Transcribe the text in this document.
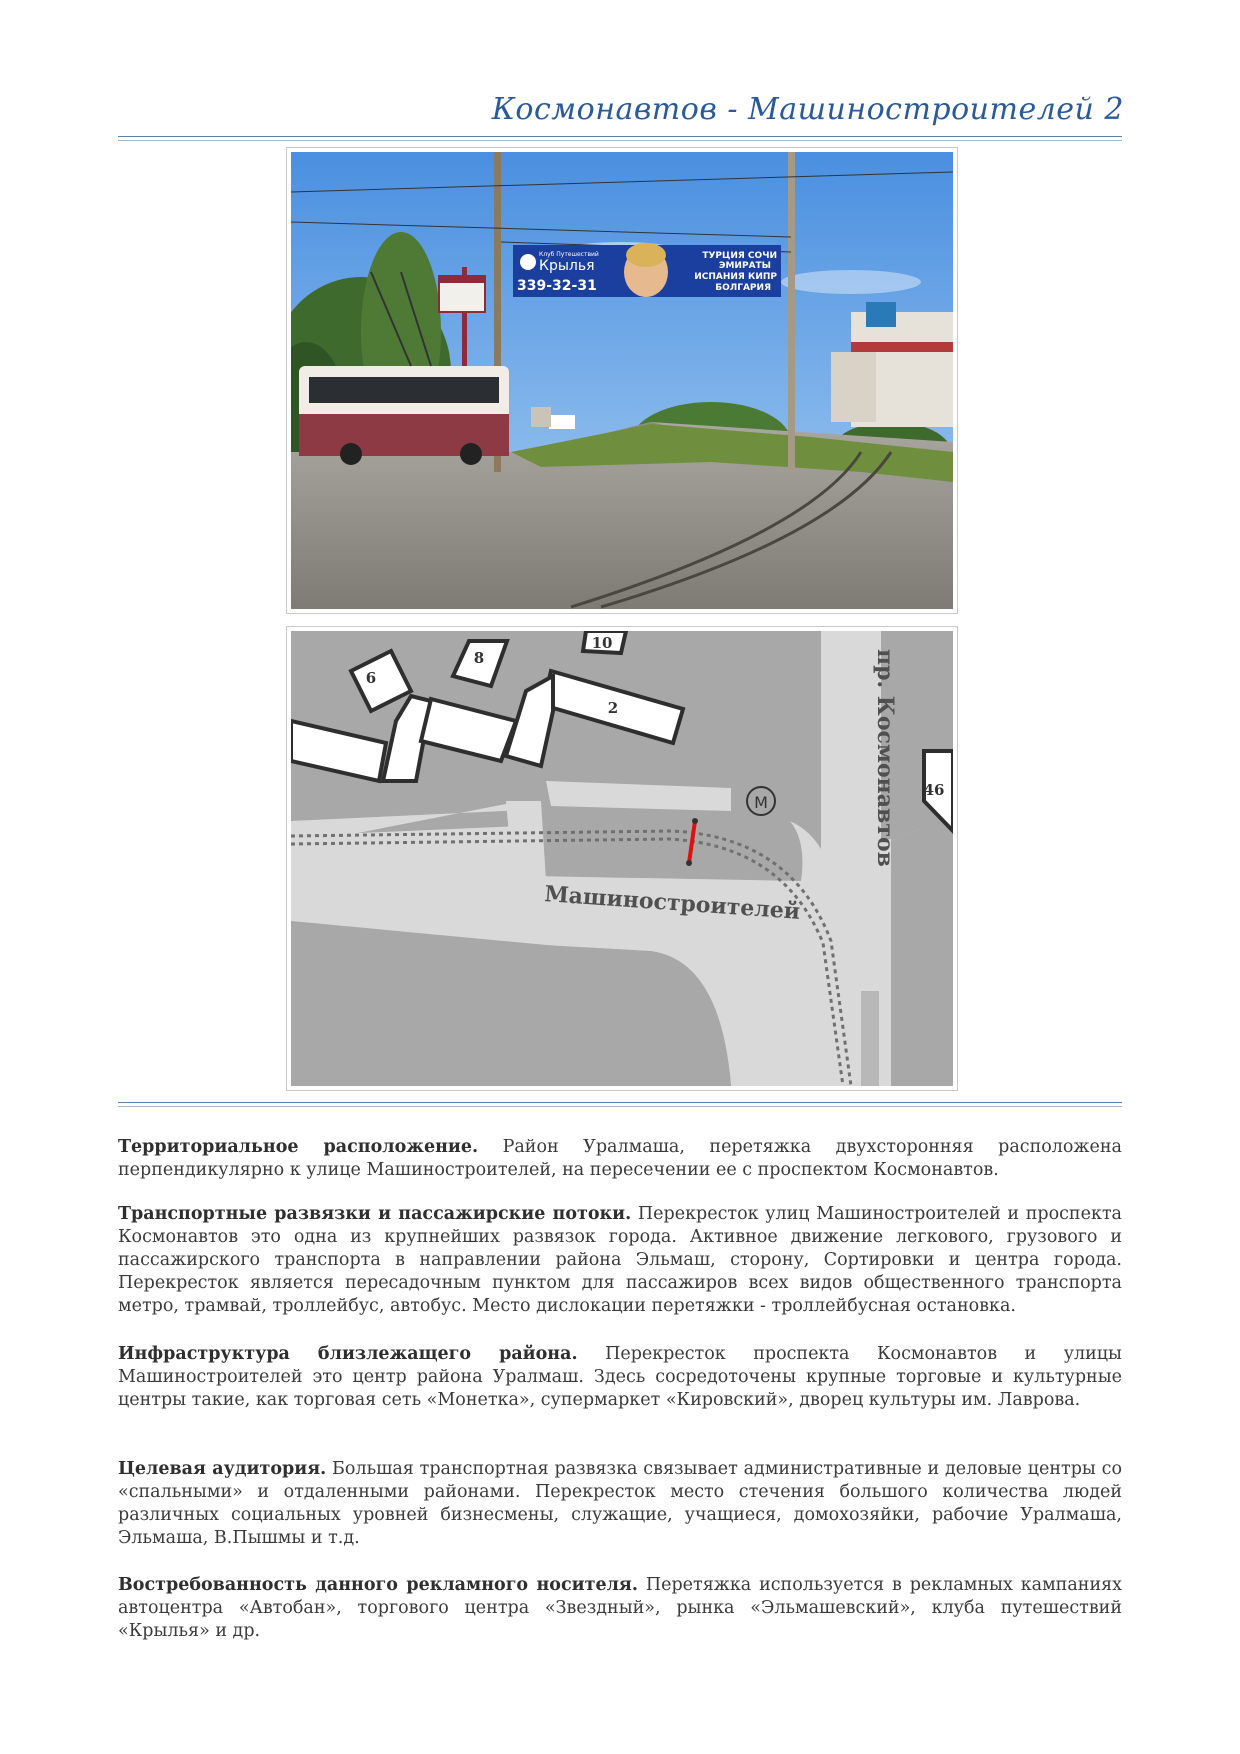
Космонавтов - Машиностроителей 2
Клуб Путешествий
Крылья
339-32-31
ТУРЦИЯ СОЧИ
ЭМИРАТЫ
ИСПАНИЯ КИПР
БОЛГАРИЯ
6
8
10
2
46
М
Машиностроителей
пр. Космонавтов

Территориальное расположение. Район Уралмаша, перетяжка двухсторонняя расположена перпендикулярно к улице Машиностроителей, на пересечении ее с проспектом Космонавтов.

Транспортные развязки и пассажирские потоки. Перекресток улиц Машиностроителей и проспекта Космонавтов это одна из крупнейших развязок города. Активное движение легкового, грузового и пассажирского транспорта в направлении района Эльмаш, сторону, Сортировки и центра города. Перекресток является пересадочным пунктом для пассажиров всех видов общественного транспорта метро, трамвай, троллейбус, автобус. Место дислокации перетяжки - троллейбусная остановка.

Инфраструктура близлежащего района. Перекресток проспекта Космонавтов и улицы Машиностроителей это центр района Уралмаш. Здесь сосредоточены крупные торговые и культурные центры такие, как торговая сеть «Монетка», супермаркет «Кировский», дворец культуры им. Лаврова.

Целевая аудитория. Большая транспортная развязка связывает административные и деловые центры со «спальными» и отдаленными районами. Перекресток место стечения большого количества людей различных социальных уровней бизнесмены, служащие, учащиеся, домохозяйки, рабочие Уралмаша, Эльмаша, В.Пышмы и т.д.

Востребованность данного рекламного носителя. Перетяжка используется в рекламных кампаниях автоцентра «Автобан», торгового центра «Звездный», рынка «Эльмашевский», клуба путешествий «Крылья» и др.
